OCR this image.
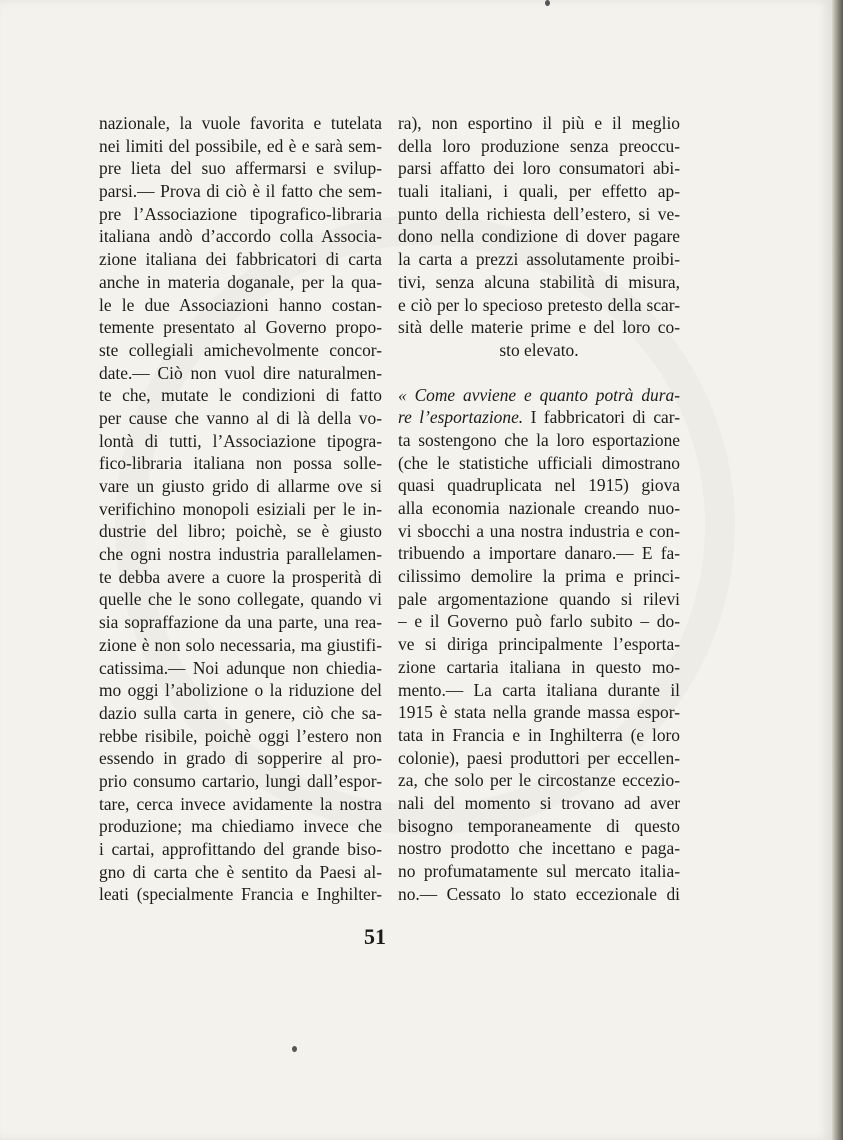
nazionale, la vuole favorita e tutelata
nei limiti del possibile, ed è e sarà sem-
pre lieta del suo affermarsi e svilup-
parsi.— Prova di ciò è il fatto che sem-
pre l’Associazione tipografico-libraria
italiana andò d’accordo colla Associa-
zione italiana dei fabbricatori di carta
anche in materia doganale, per la qua-
le le due Associazioni hanno costan-
temente presentato al Governo propo-
ste collegiali amichevolmente concor-
date.— Ciò non vuol dire naturalmen-
te che, mutate le condizioni di fatto
per cause che vanno al di là della vo-
lontà di tutti, l’Associazione tipogra-
fico-libraria italiana non possa solle-
vare un giusto grido di allarme ove si
verifichino monopoli esiziali per le in-
dustrie del libro; poichè, se è giusto
che ogni nostra industria parallelamen-
te debba avere a cuore la prosperità di
quelle che le sono collegate, quando vi
sia sopraffazione da una parte, una rea-
zione è non solo necessaria, ma giustifi-
catissima.— Noi adunque non chiedia-
mo oggi l’abolizione o la riduzione del
dazio sulla carta in genere, ciò che sa-
rebbe risibile, poichè oggi l’estero non
essendo in grado di sopperire al pro-
prio consumo cartario, lungi dall’espor-
tare, cerca invece avidamente la nostra
produzione; ma chiediamo invece che
i cartai, approfittando del grande biso-
gno di carta che è sentito da Paesi al-
leati (specialmente Francia e Inghilter-
ra), non esportino il più e il meglio
della loro produzione senza preoccu-
parsi affatto dei loro consumatori abi-
tuali italiani, i quali, per effetto ap-
punto della richiesta dell’estero, si ve-
dono nella condizione di dover pagare
la carta a prezzi assolutamente proibi-
tivi, senza alcuna stabilità di misura,
e ciò per lo specioso pretesto della scar-
sità delle materie prime e del loro co-
sto elevato.
« Come avviene e quanto potrà dura-
re l’esportazione. I fabbricatori di car-
ta sostengono che la loro esportazione
(che le statistiche ufficiali dimostrano
quasi quadruplicata nel 1915) giova
alla economia nazionale creando nuo-
vi sbocchi a una nostra industria e con-
tribuendo a importare danaro.— E fa-
cilissimo demolire la prima e princi-
pale argomentazione quando si rilevi
– e il Governo può farlo subito – do-
ve si diriga principalmente l’esporta-
zione cartaria italiana in questo mo-
mento.— La carta italiana durante il
1915 è stata nella grande massa espor-
tata in Francia e in Inghilterra (e loro
colonie), paesi produttori per eccellen-
za, che solo per le circostanze eccezio-
nali del momento si trovano ad aver
bisogno temporaneamente di questo
nostro prodotto che incettano e paga-
no profumatamente sul mercato italia-
no.— Cessato lo stato eccezionale di
51
